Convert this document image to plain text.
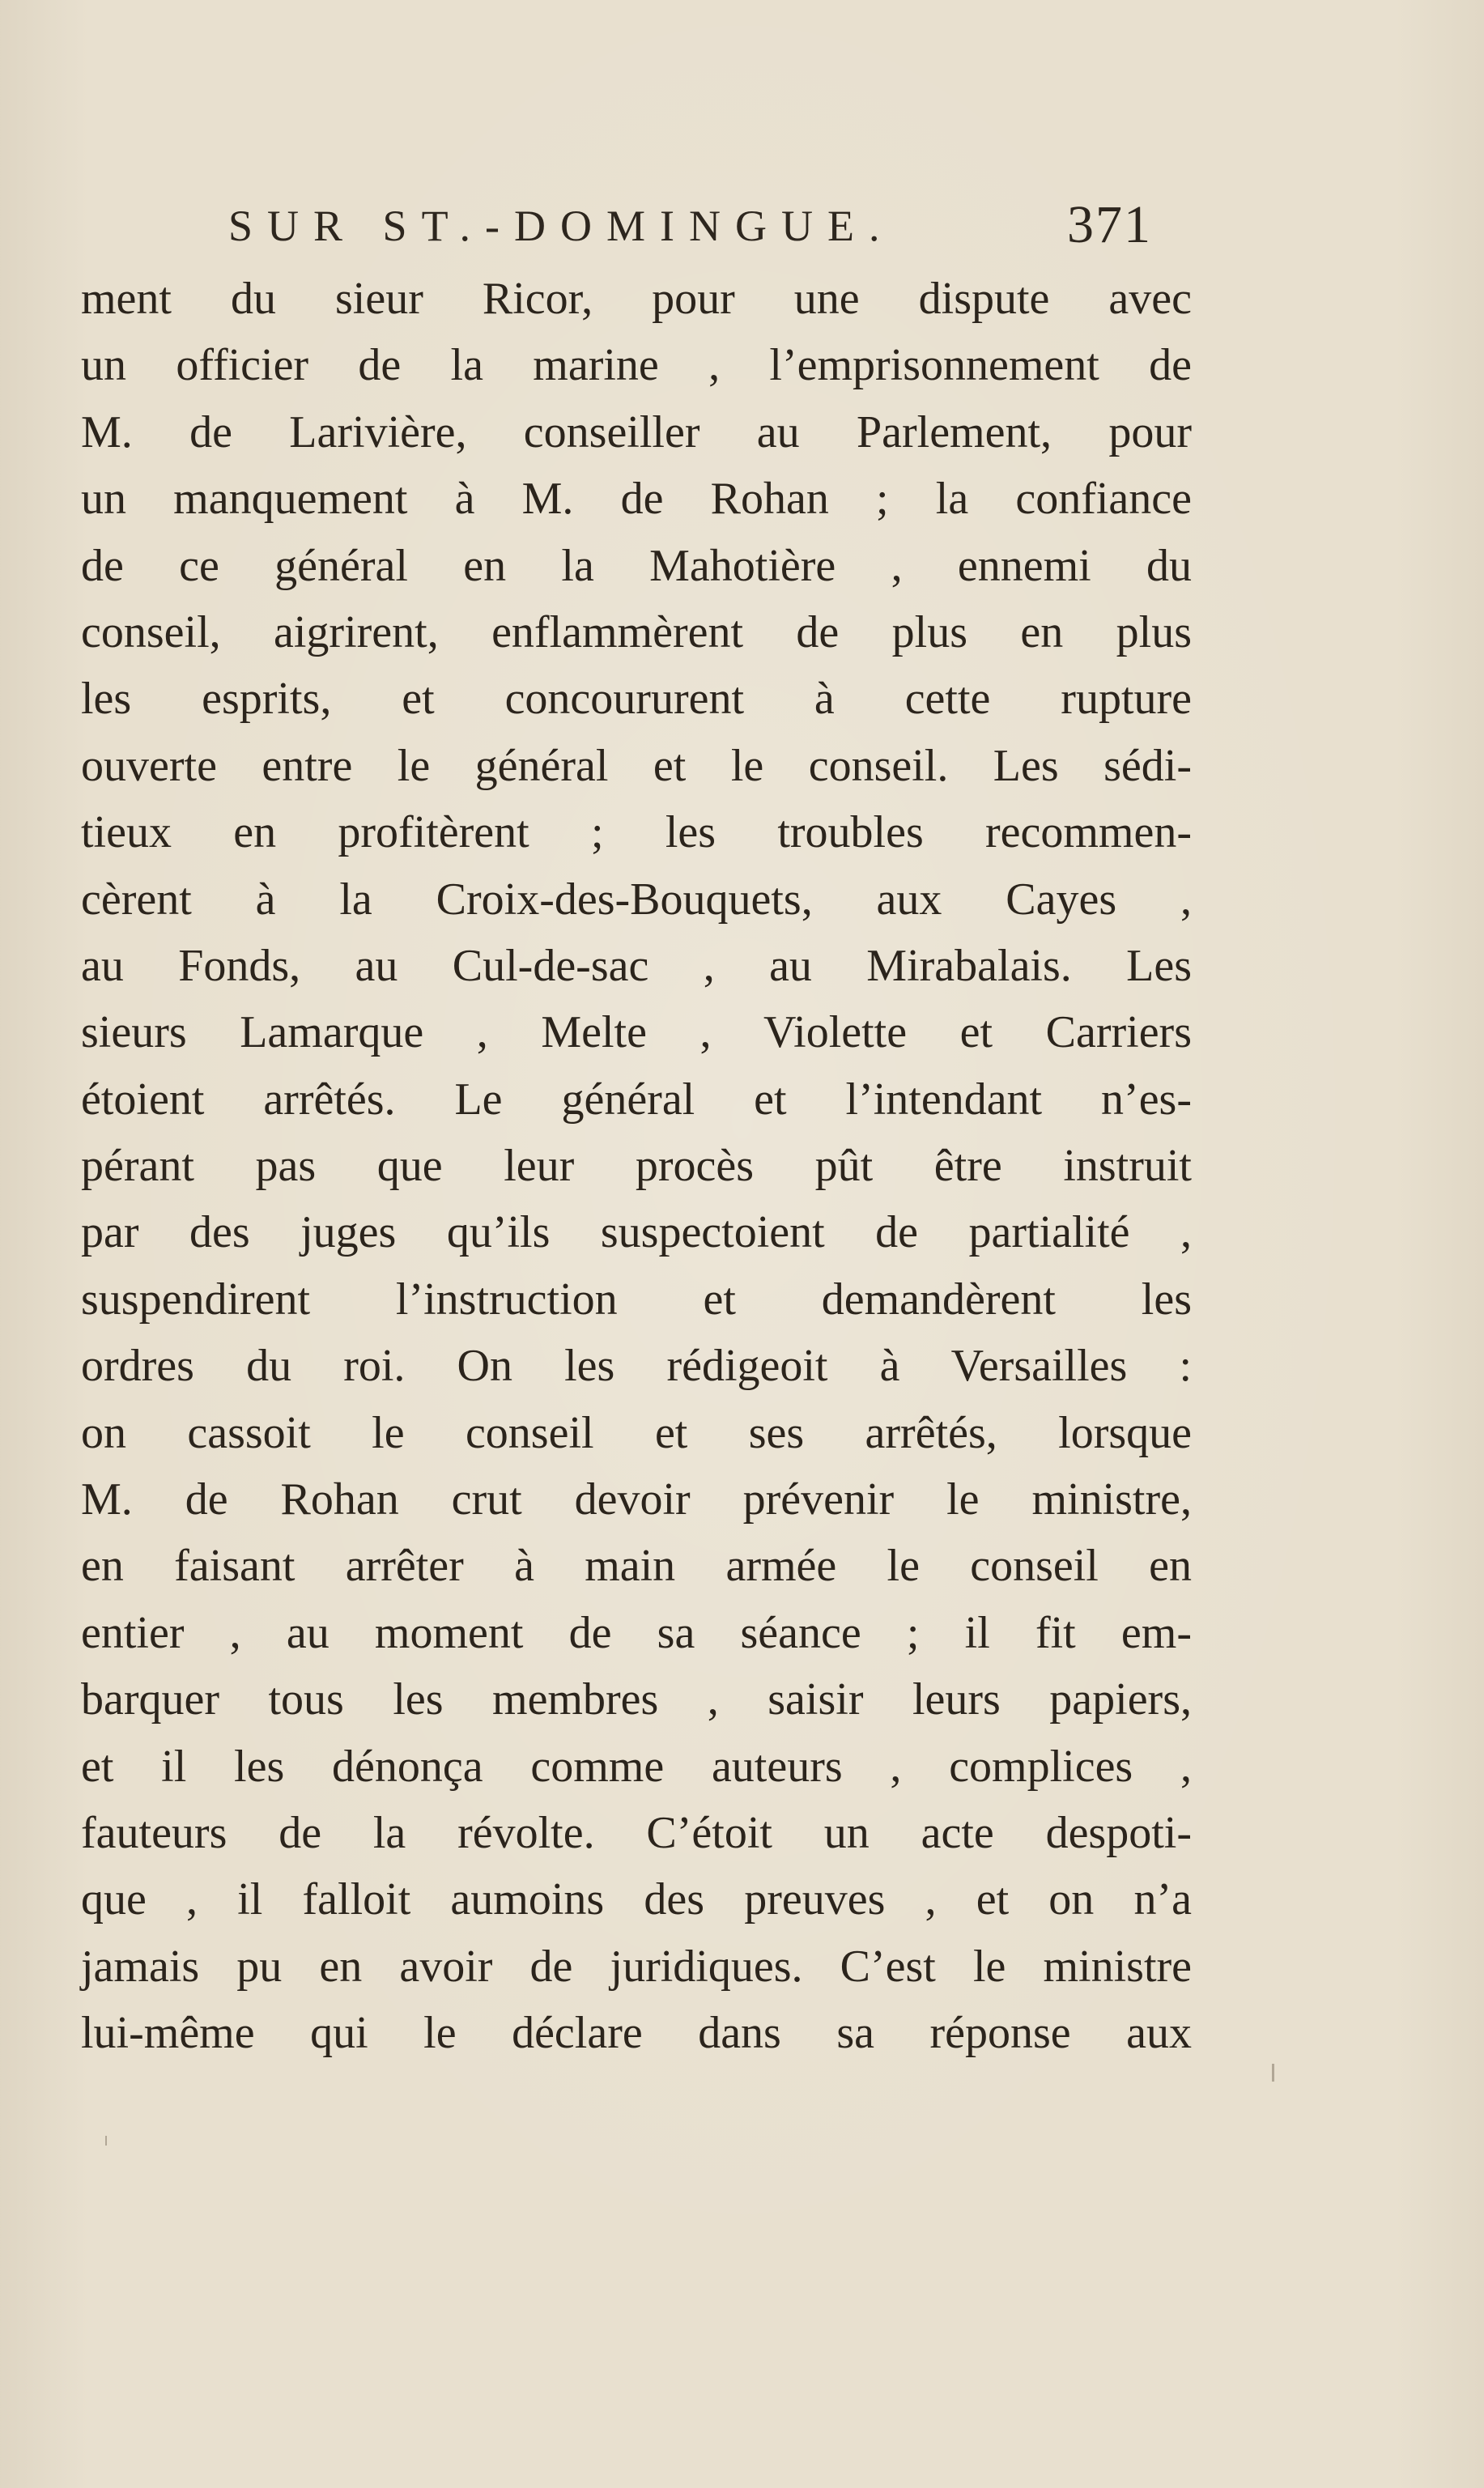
SUR ST.-DOMINGUE.	371
ment du sieur Ricor, pour une dispute avec
un officier de la marine , l’emprisonnement de
M. de Larivière, conseiller au Parlement, pour
un manquement à M. de Rohan ; la confiance
de ce général en la Mahotière , ennemi du
conseil, aigrirent, enflammèrent de plus en plus
les esprits, et concoururent à cette rupture
ouverte entre le général et le conseil. Les sédi-
tieux en profitèrent ; les troubles recommen-
cèrent à la Croix-des-Bouquets, aux Cayes ,
au Fonds, au Cul-de-sac , au Mirabalais. Les
sieurs Lamarque , Melte , Violette et Carriers
étoient arrêtés. Le général et l’intendant n’es-
pérant pas que leur procès pût être instruit
par des juges qu’ils suspectoient de partialité ,
suspendirent l’instruction et demandèrent les
ordres du roi. On les rédigeoit à Versailles :
on cassoit le conseil et ses arrêtés, lorsque
M. de Rohan crut devoir prévenir le ministre,
en faisant arrêter à main armée le conseil en
entier , au moment de sa séance ; il fit em-
barquer tous les membres , saisir leurs papiers,
et il les dénonça comme auteurs , complices ,
fauteurs de la révolte. C’étoit un acte despoti-
que , il falloit aumoins des preuves , et on n’a
jamais pu en avoir de juridiques. C’est le ministre
lui-même qui le déclare dans sa réponse aux
